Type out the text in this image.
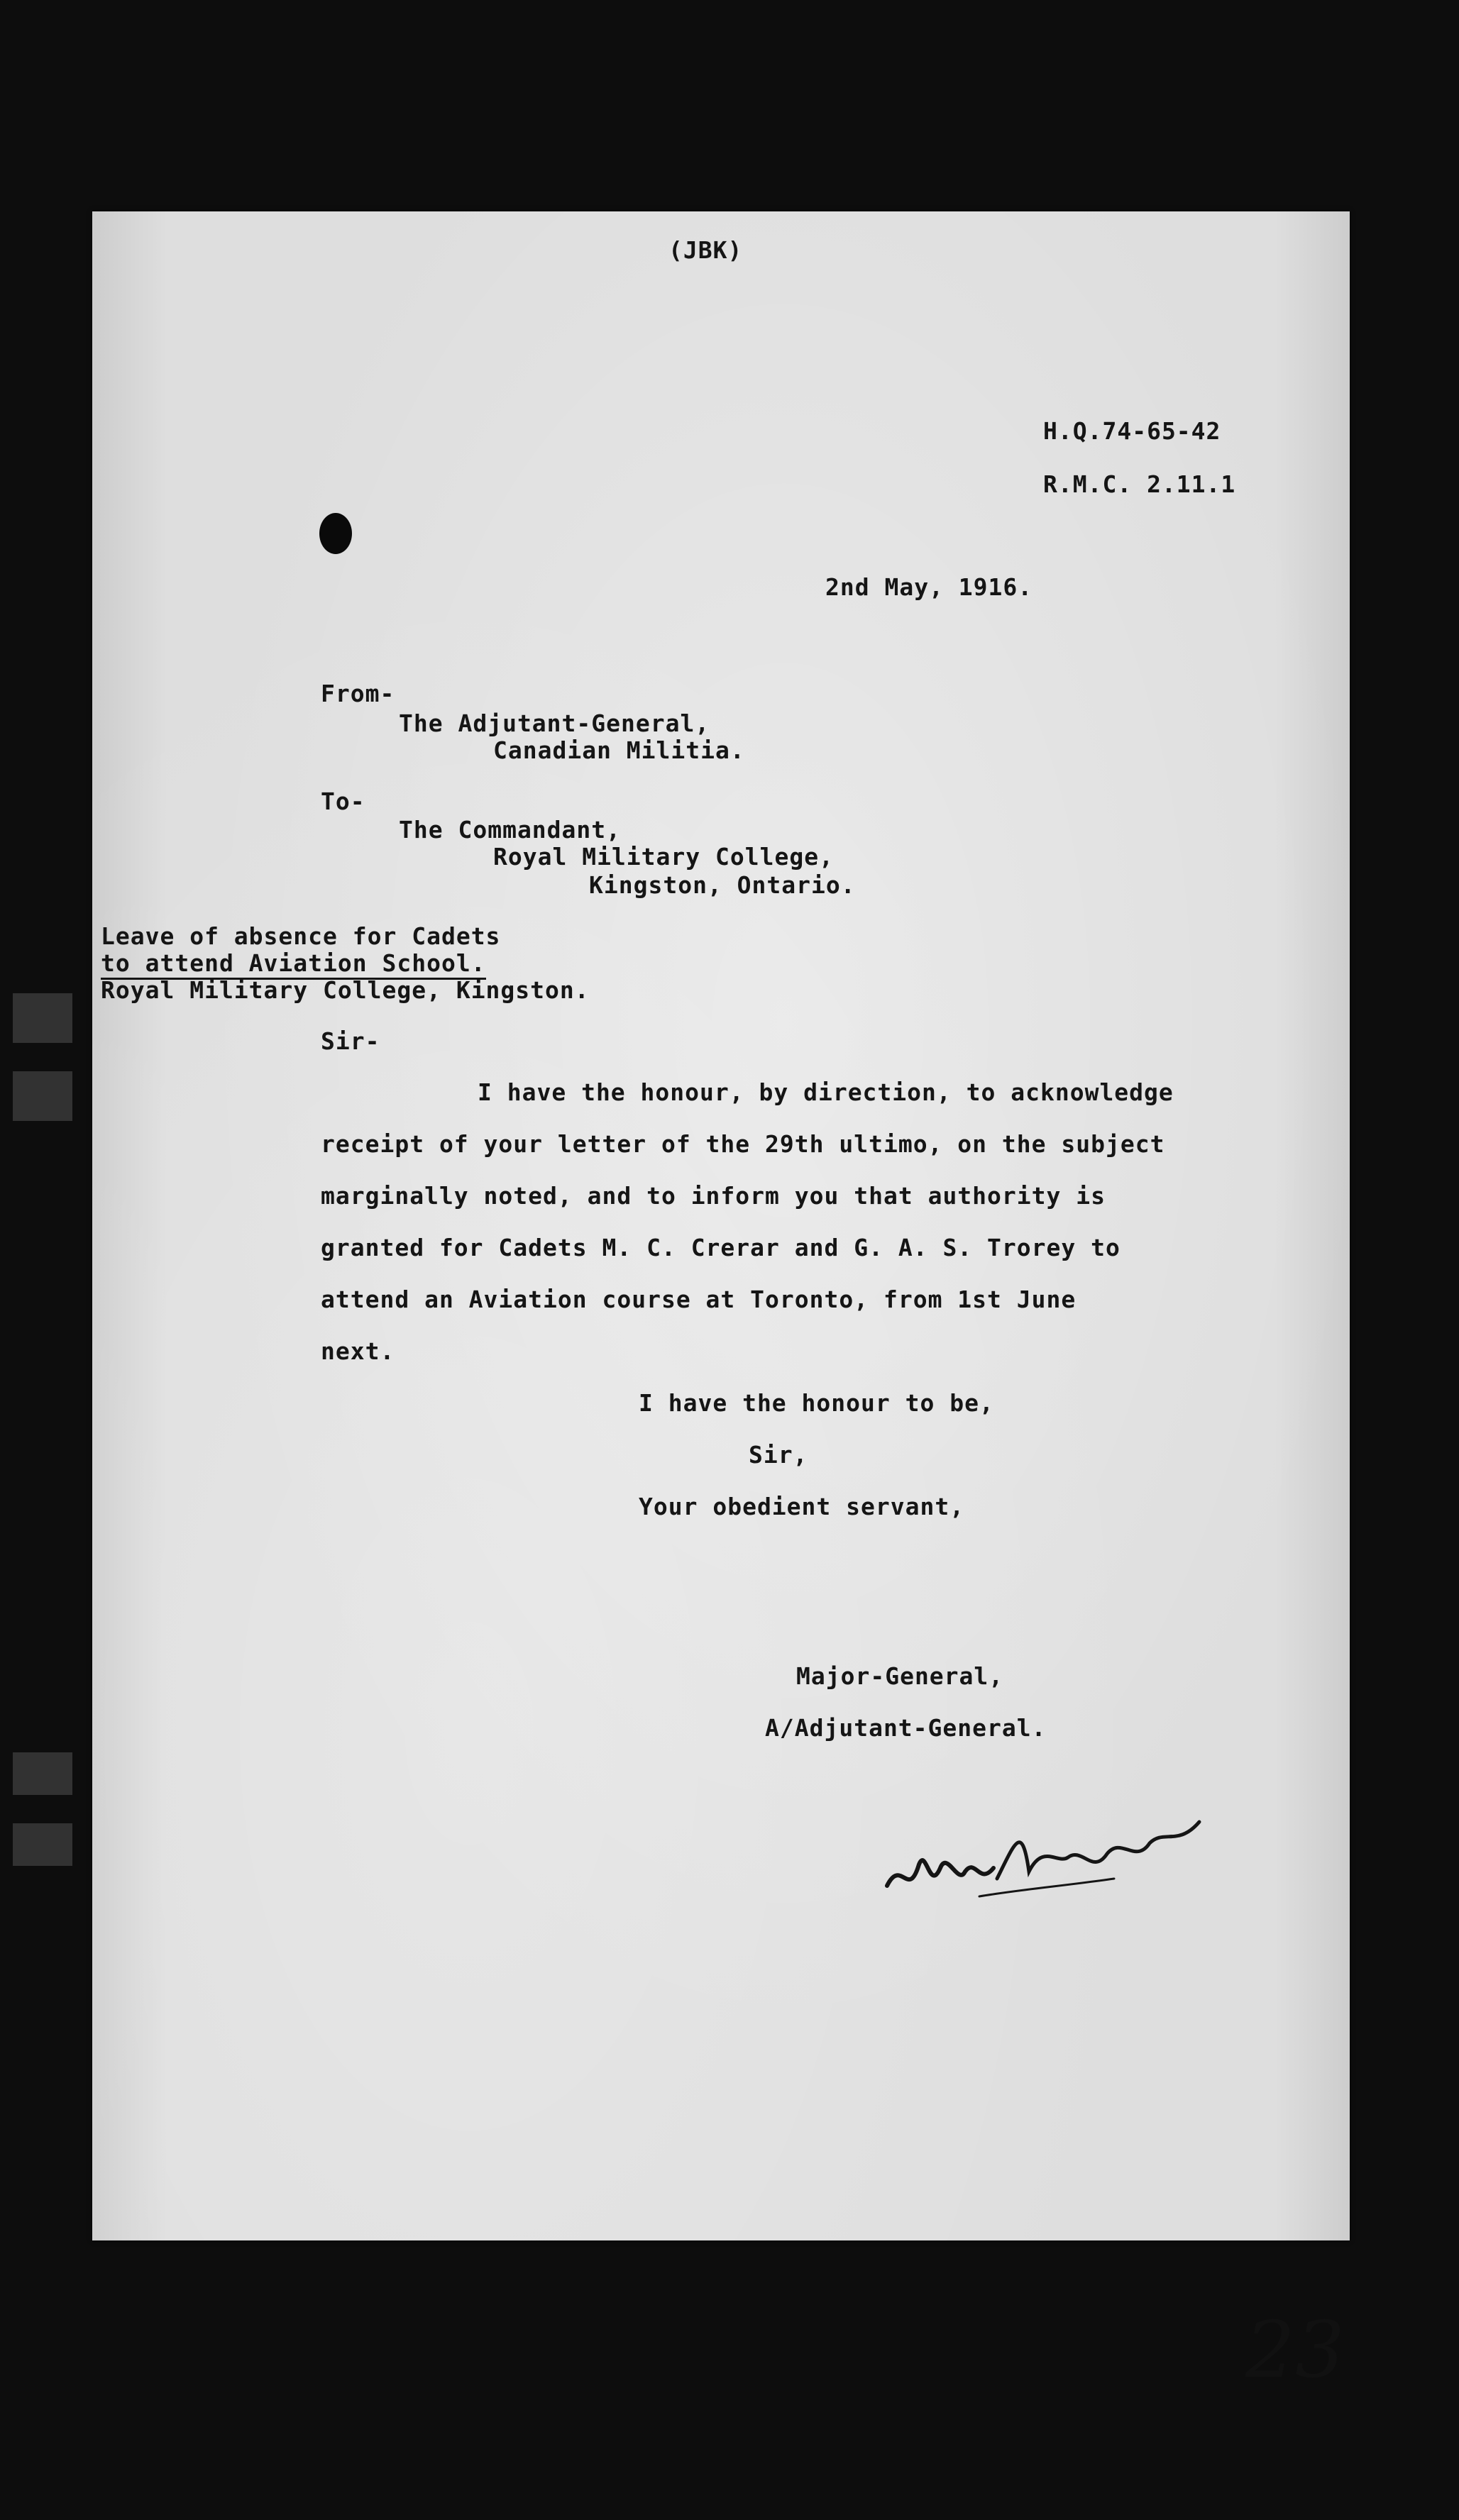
(JBK)

H.Q.74-65-42

R.M.C. 2.11.1

2nd May, 1916.

From-

The Adjutant-General,

Canadian Militia.

To-

The Commandant,

Royal Military College,

Kingston, Ontario.

Leave of absence for Cadets

to attend Aviation School.

Royal Military College, Kingston.

Sir-

I have the honour, by direction, to acknowledge

receipt of your letter of the 29th ultimo, on the subject

marginally noted, and to inform you that authority is

granted for Cadets M. C. Crerar and G. A. S. Trorey to

attend an Aviation course at Toronto, from 1st June

next.

I have the honour to be,

Sir,

Your obedient servant,

Major-General,

A/Adjutant-General.

23
